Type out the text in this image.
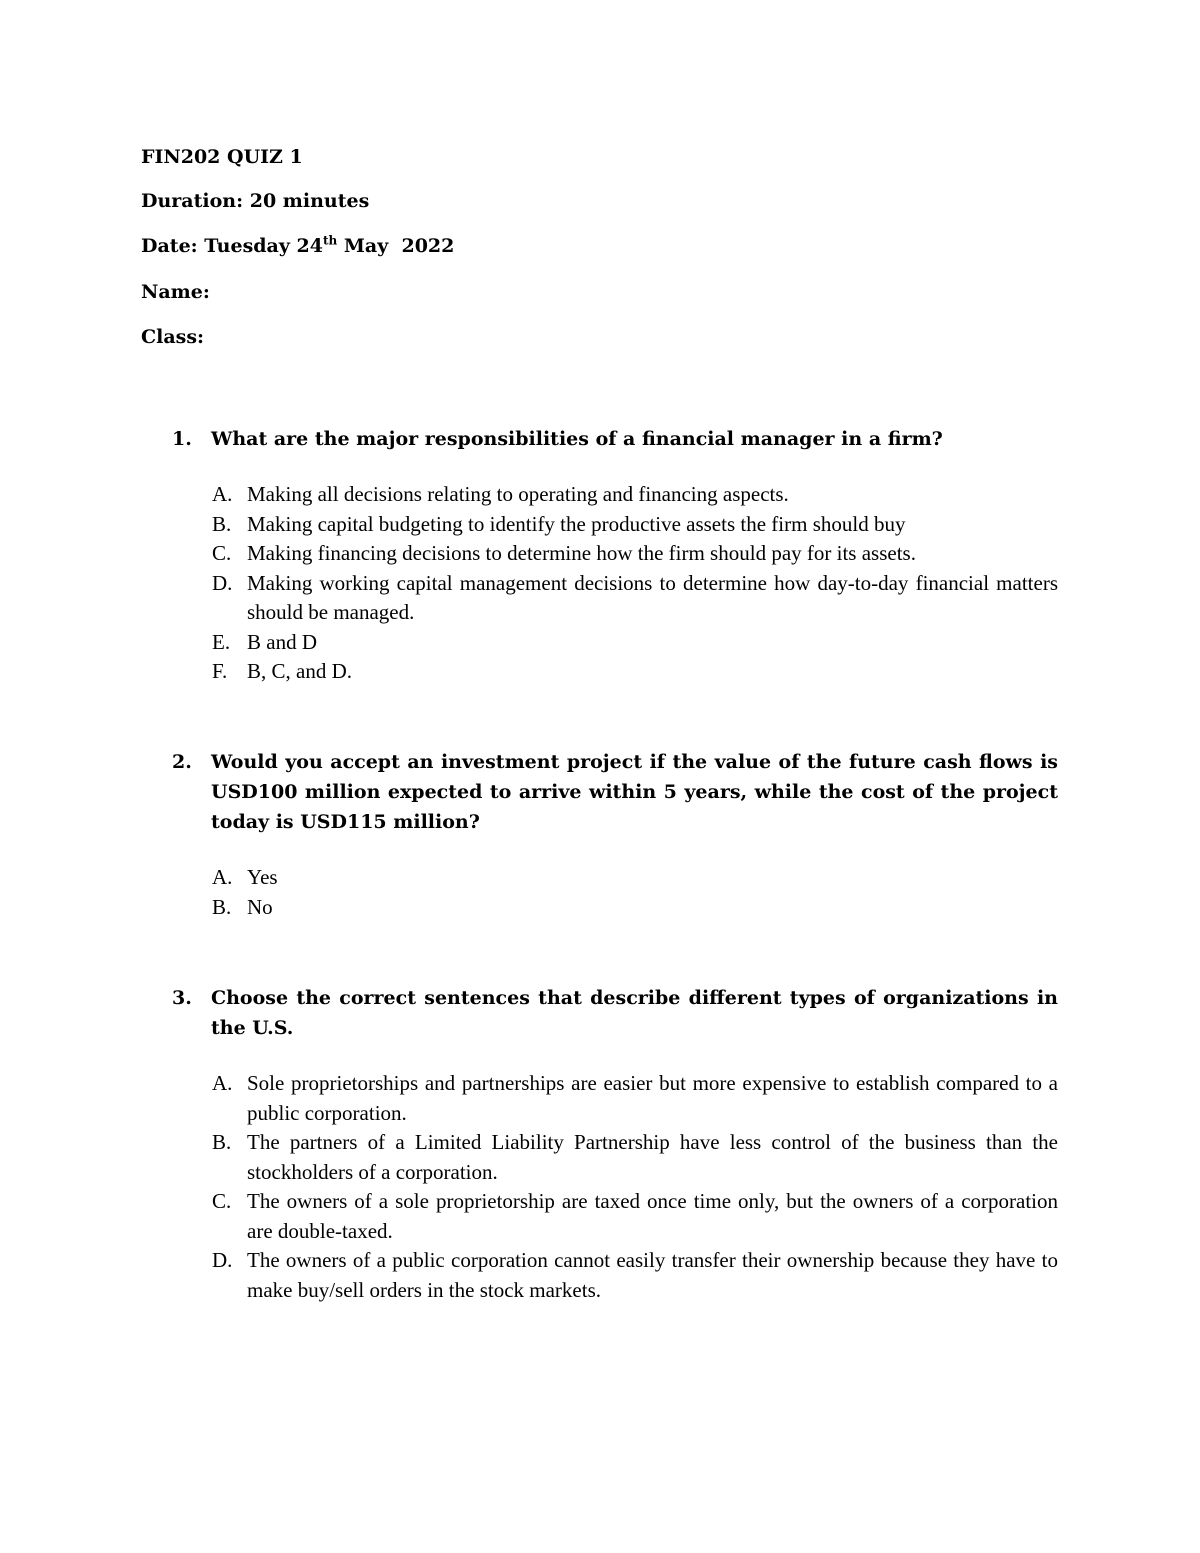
FIN202 QUIZ 1
Duration: 20 minutes
Date: Tuesday 24th May  2022
Name:
Class:
1. What are the major responsibilities of a financial manager in a firm?
A. Making all decisions relating to operating and financing aspects.
B. Making capital budgeting to identify the productive assets the firm should buy
C. Making financing decisions to determine how the firm should pay for its assets.
D. Making working capital management decisions to determine how day-to-day financial matters should be managed.
E. B and D
F. B, C, and D.
2. Would you accept an investment project if the value of the future cash flows is USD100 million expected to arrive within 5 years, while the cost of the project today is USD115 million?
A. Yes
B. No
3. Choose the correct sentences that describe different types of organizations in the U.S.
A. Sole proprietorships and partnerships are easier but more expensive to establish compared to a public corporation.
B. The partners of a Limited Liability Partnership have less control of the business than the stockholders of a corporation.
C. The owners of a sole proprietorship are taxed once time only, but the owners of a corporation are double-taxed.
D. The owners of a public corporation cannot easily transfer their ownership because they have to make buy/sell orders in the stock markets.
